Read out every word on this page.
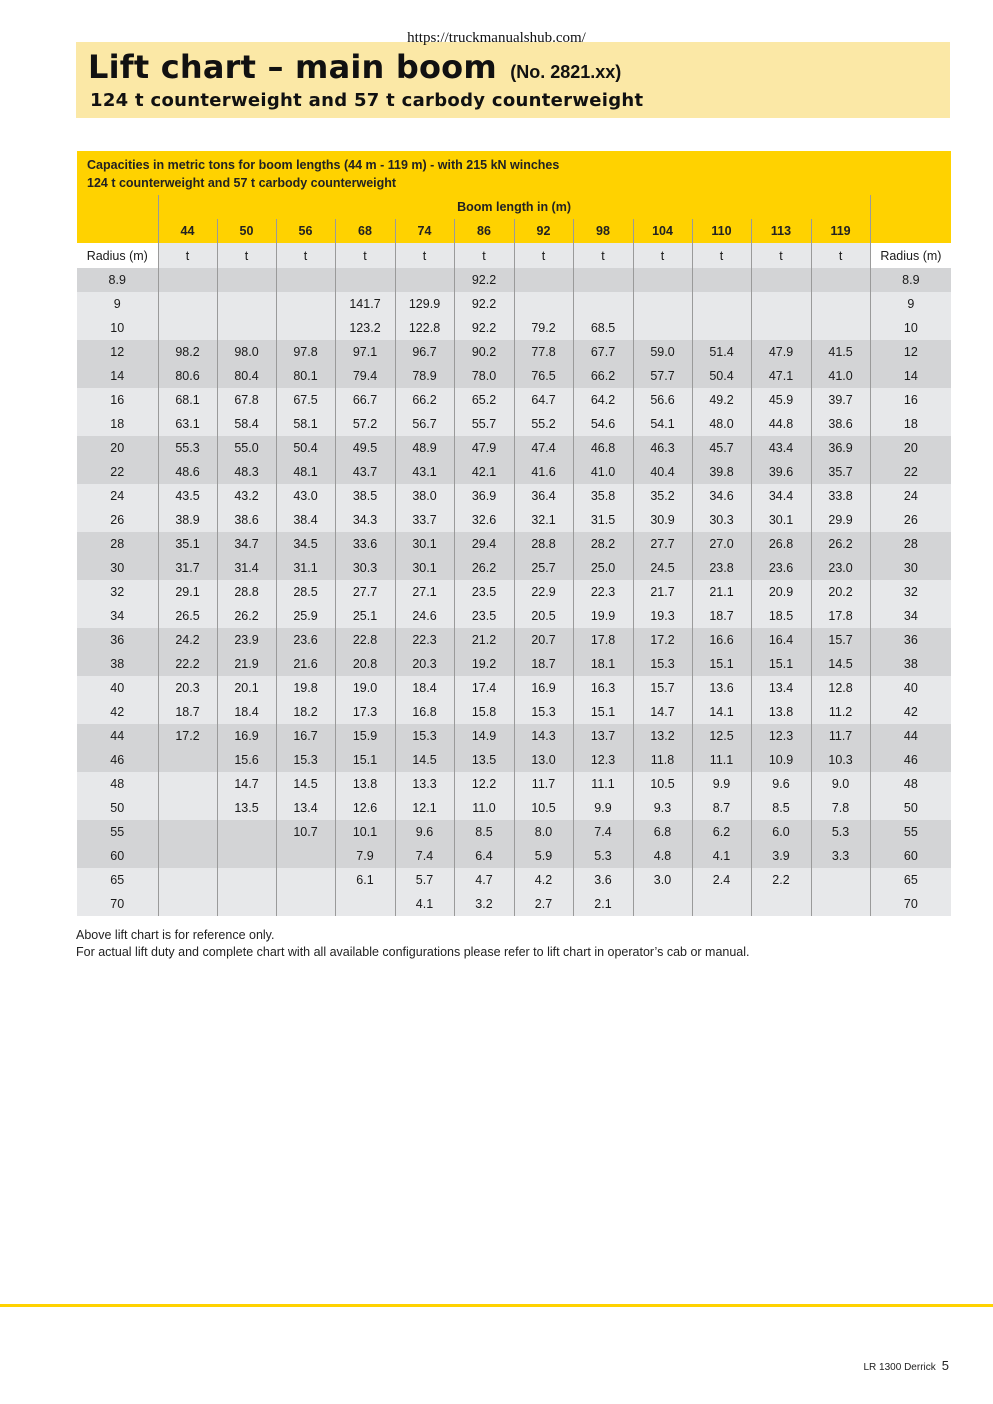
https://truckmanualshub.com/
Lift chart – main boom (No. 2821.xx)
124 t counterweight and 57 t carbody counterweight
Capacities in metric tons for boom lengths (44 m - 119 m) - with 215 kN winches
124 t counterweight and 57 t carbody counterweight
	Boom length in (m)												
	44	50	56	68	74	86	92	98	104	110	113	119	
Radius (m)	t	t	t	t	t	t	t	t	t	t	t	t	Radius (m)
8.9						92.2							8.9
9				141.7	129.9	92.2							9
10				123.2	122.8	92.2	79.2	68.5					10
12	98.2	98.0	97.8	97.1	96.7	90.2	77.8	67.7	59.0	51.4	47.9	41.5	12
14	80.6	80.4	80.1	79.4	78.9	78.0	76.5	66.2	57.7	50.4	47.1	41.0	14
16	68.1	67.8	67.5	66.7	66.2	65.2	64.7	64.2	56.6	49.2	45.9	39.7	16
18	63.1	58.4	58.1	57.2	56.7	55.7	55.2	54.6	54.1	48.0	44.8	38.6	18
20	55.3	55.0	50.4	49.5	48.9	47.9	47.4	46.8	46.3	45.7	43.4	36.9	20
22	48.6	48.3	48.1	43.7	43.1	42.1	41.6	41.0	40.4	39.8	39.6	35.7	22
24	43.5	43.2	43.0	38.5	38.0	36.9	36.4	35.8	35.2	34.6	34.4	33.8	24
26	38.9	38.6	38.4	34.3	33.7	32.6	32.1	31.5	30.9	30.3	30.1	29.9	26
28	35.1	34.7	34.5	33.6	30.1	29.4	28.8	28.2	27.7	27.0	26.8	26.2	28
30	31.7	31.4	31.1	30.3	30.1	26.2	25.7	25.0	24.5	23.8	23.6	23.0	30
32	29.1	28.8	28.5	27.7	27.1	23.5	22.9	22.3	21.7	21.1	20.9	20.2	32
34	26.5	26.2	25.9	25.1	24.6	23.5	20.5	19.9	19.3	18.7	18.5	17.8	34
36	24.2	23.9	23.6	22.8	22.3	21.2	20.7	17.8	17.2	16.6	16.4	15.7	36
38	22.2	21.9	21.6	20.8	20.3	19.2	18.7	18.1	15.3	15.1	15.1	14.5	38
40	20.3	20.1	19.8	19.0	18.4	17.4	16.9	16.3	15.7	13.6	13.4	12.8	40
42	18.7	18.4	18.2	17.3	16.8	15.8	15.3	15.1	14.7	14.1	13.8	11.2	42
44	17.2	16.9	16.7	15.9	15.3	14.9	14.3	13.7	13.2	12.5	12.3	11.7	44
46		15.6	15.3	15.1	14.5	13.5	13.0	12.3	11.8	11.1	10.9	10.3	46
48		14.7	14.5	13.8	13.3	12.2	11.7	11.1	10.5	9.9	9.6	9.0	48
50		13.5	13.4	12.6	12.1	11.0	10.5	9.9	9.3	8.7	8.5	7.8	50
55			10.7	10.1	9.6	8.5	8.0	7.4	6.8	6.2	6.0	5.3	55
60				7.9	7.4	6.4	5.9	5.3	4.8	4.1	3.9	3.3	60
65				6.1	5.7	4.7	4.2	3.6	3.0	2.4	2.2		65
70					4.1	3.2	2.7	2.1					70
Above lift chart is for reference only.
For actual lift duty and complete chart with all available configurations please refer to lift chart in operator’s cab or manual.
LR 1300 Derrick 5
